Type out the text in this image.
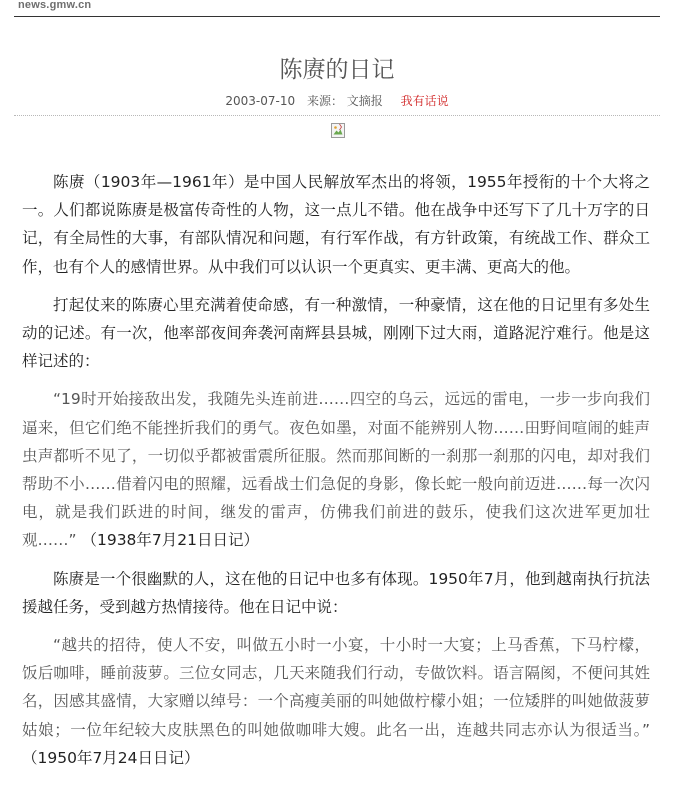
news.gmw.cn
陈赓的日记
2003-07-10 来源： 文摘报 我有话说

陈赓（1903年—1961年）是中国人民解放军杰出的将领，1955年授衔的十个大将之一。人们都说陈赓是极富传奇性的人物，这一点儿不错。他在战争中还写下了几十万字的日记，有全局性的大事，有部队情况和问题，有行军作战，有方针政策，有统战工作、群众工作，也有个人的感情世界。从中我们可以认识一个更真实、更丰满、更高大的他。

打起仗来的陈赓心里充满着使命感，有一种激情，一种豪情，这在他的日记里有多处生动的记述。有一次，他率部夜间奔袭河南辉县县城，刚刚下过大雨，道路泥泞难行。他是这样记述的：

“19时开始接敌出发，我随先头连前进……四空的乌云，远远的雷电，一步一步向我们逼来，但它们绝不能挫折我们的勇气。夜色如墨，对面不能辨别人物……田野间喧闹的蛙声虫声都听不见了，一切似乎都被雷震所征服。然而那间断的一刹那一刹那的闪电，却对我们帮助不小……借着闪电的照耀，远看战士们急促的身影，像长蛇一般向前迈进……每一次闪电，就是我们跃进的时间，继发的雷声，仿佛我们前进的鼓乐，使我们这次进军更加壮观……” （1938年7月21日日记）

陈赓是一个很幽默的人，这在他的日记中也多有体现。1950年7月，他到越南执行抗法援越任务，受到越方热情接待。他在日记中说：

“越共的招待，使人不安，叫做五小时一小宴，十小时一大宴；上马香蕉，下马柠檬，饭后咖啡，睡前菠萝。三位女同志，几天来随我们行动，专做饮料。语言隔阂，不便问其姓名，因感其盛情，大家赠以绰号：一个高瘦美丽的叫她做柠檬小姐；一位矮胖的叫她做菠萝姑娘；一位年纪较大皮肤黑色的叫她做咖啡大嫂。此名一出，连越共同志亦认为很适当。” （1950年7月24日日记）
